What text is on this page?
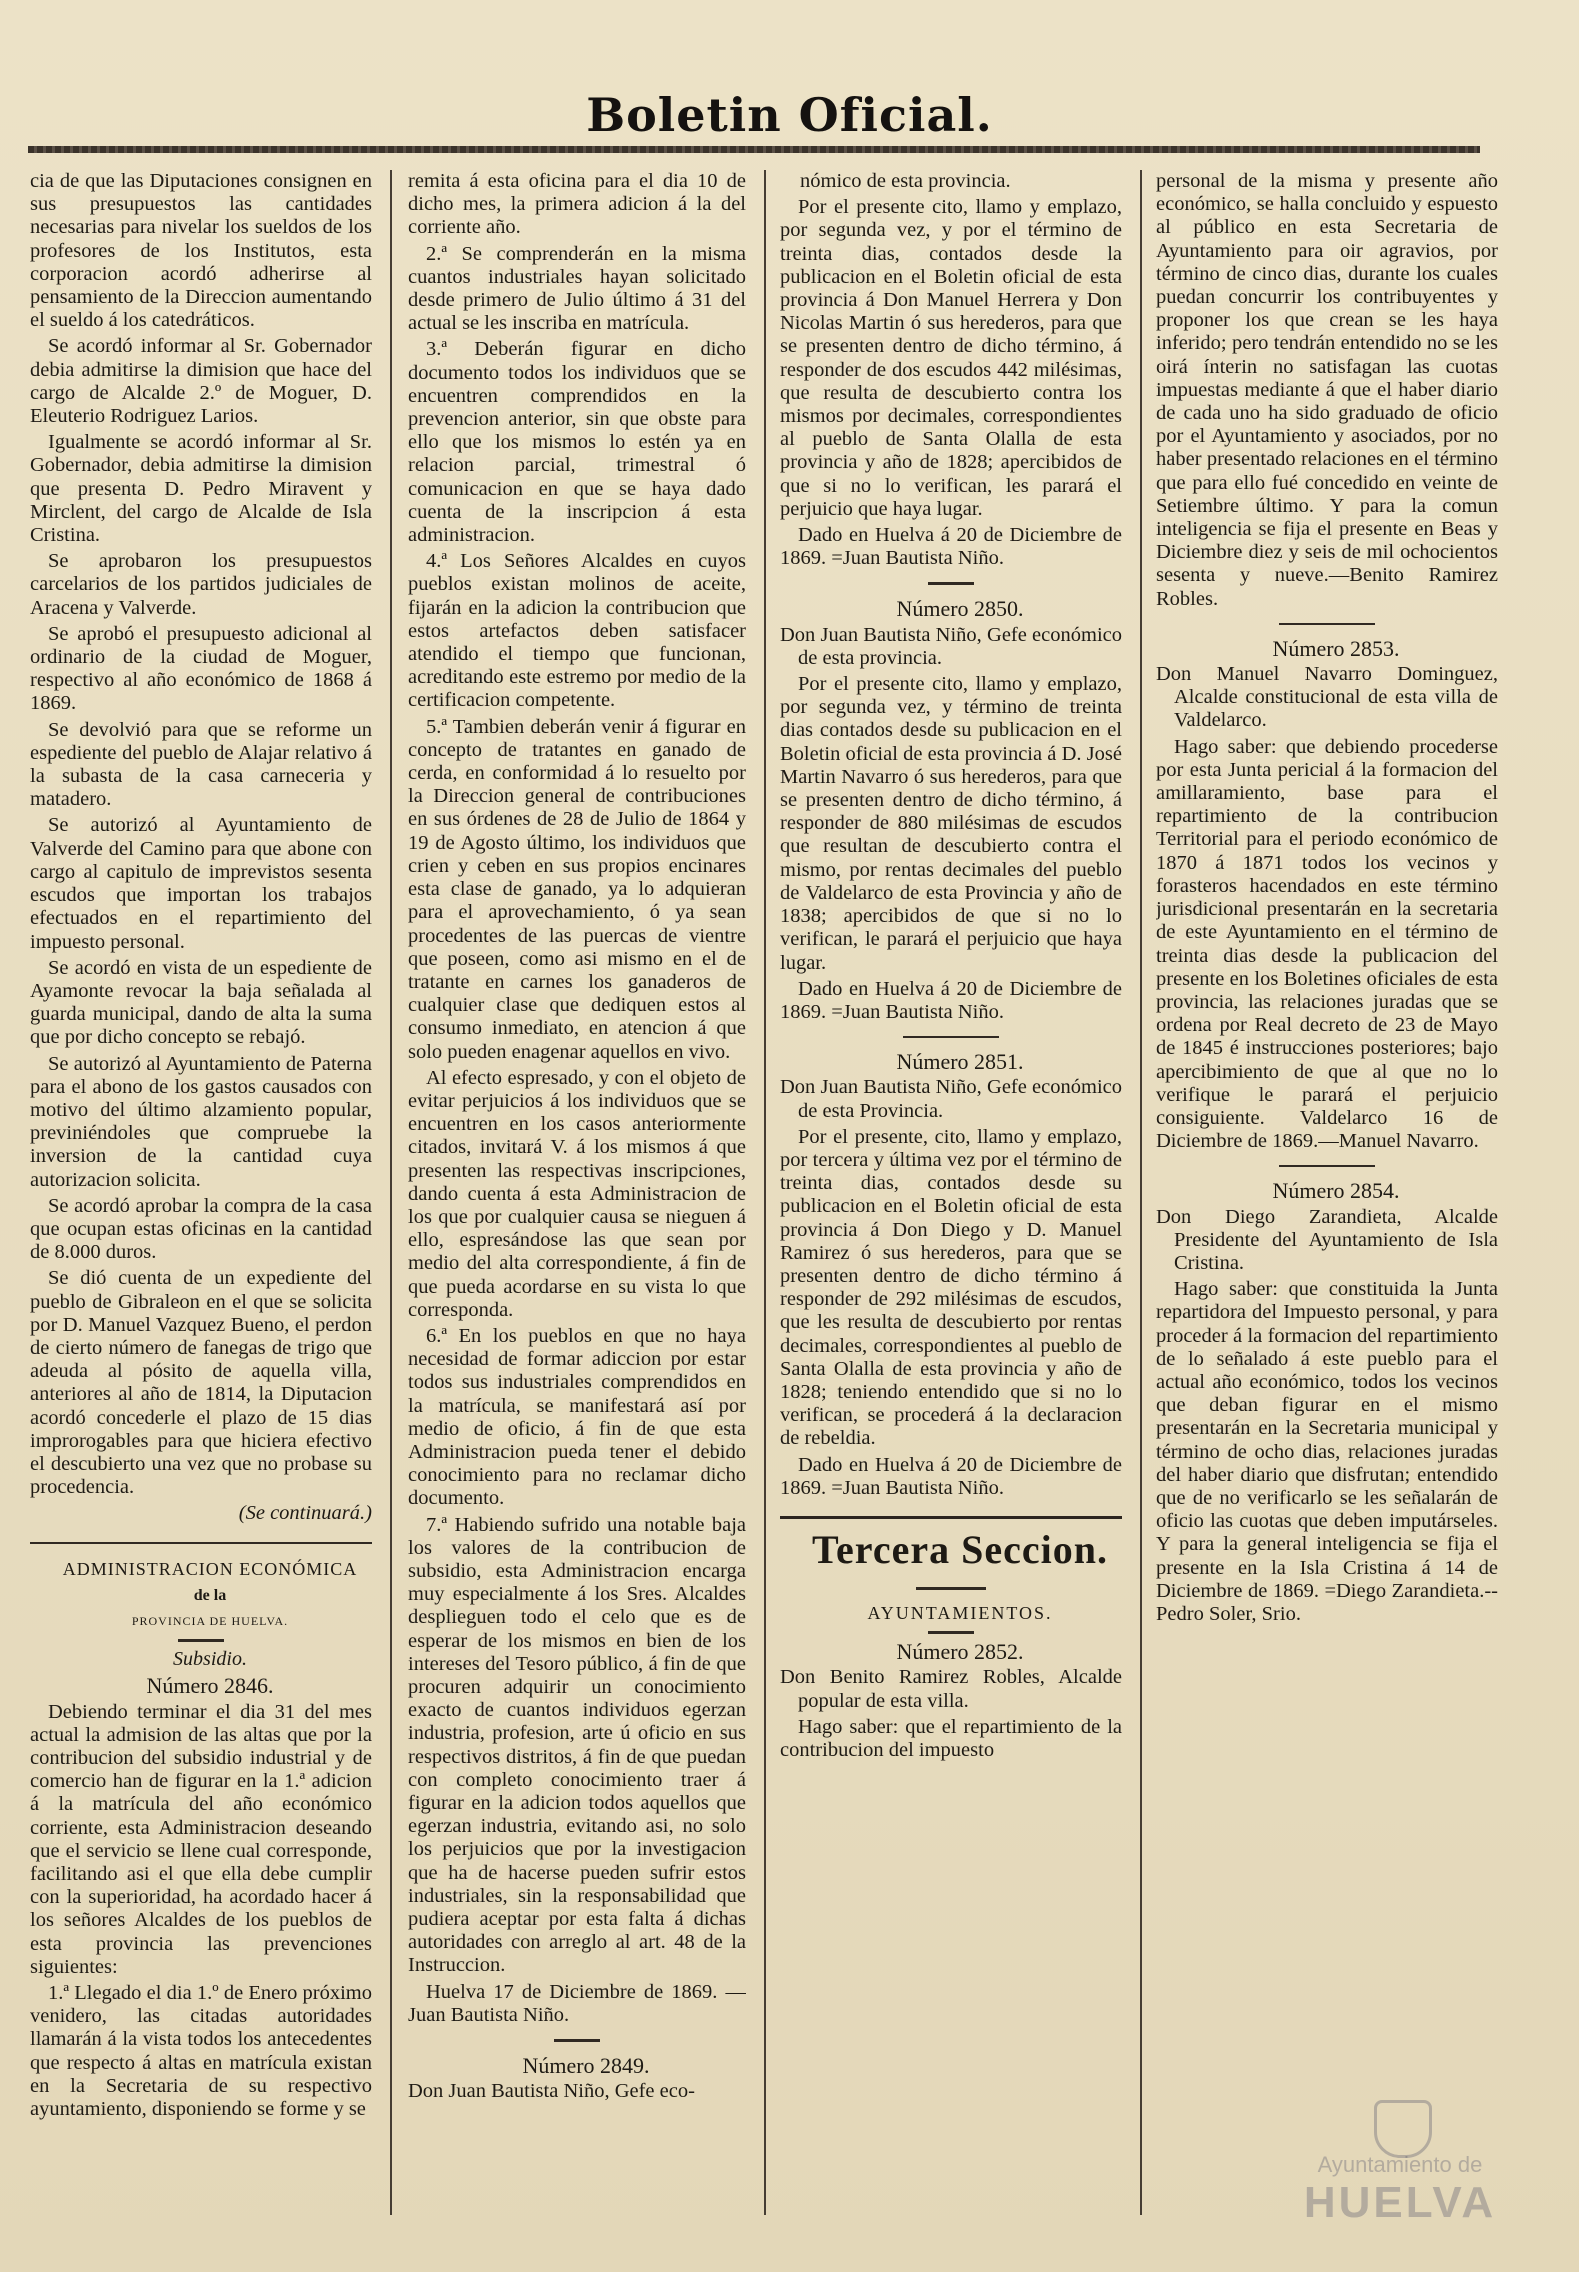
Boletin Oficial.

cia de que las Diputaciones consignen en sus presupuestos las cantidades necesarias para nivelar los sueldos de los profesores de los Institutos, esta corporacion acordó adherirse al pensamiento de la Direccion aumentando el sueldo á los catedráticos.

Se acordó informar al Sr. Gobernador debia admitirse la dimision que hace del cargo de Alcalde 2.º de Moguer, D. Eleuterio Rodriguez Larios.

Igualmente se acordó informar al Sr. Gobernador, debia admitirse la dimision que presenta D. Pedro Miravent y Mirclent, del cargo de Alcalde de Isla Cristina.

Se aprobaron los presupuestos carcelarios de los partidos judiciales de Aracena y Valverde.

Se aprobó el presupuesto adicional al ordinario de la ciudad de Moguer, respectivo al año económico de 1868 á 1869.

Se devolvió para que se reforme un espediente del pueblo de Alajar relativo á la subasta de la casa carneceria y matadero.

Se autorizó al Ayuntamiento de Valverde del Camino para que abone con cargo al capitulo de imprevistos sesenta escudos que importan los trabajos efectuados en el repartimiento del impuesto personal.

Se acordó en vista de un espediente de Ayamonte revocar la baja señalada al guarda municipal, dando de alta la suma que por dicho concepto se rebajó.

Se autorizó al Ayuntamiento de Paterna para el abono de los gastos causados con motivo del último alzamiento popular, previniéndoles que compruebe la inversion de la cantidad cuya autorizacion solicita.

Se acordó aprobar la compra de la casa que ocupan estas oficinas en la cantidad de 8.000 duros.

Se dió cuenta de un expediente del pueblo de Gibraleon en el que se solicita por D. Manuel Vazquez Bueno, el perdon de cierto número de fanegas de trigo que adeuda al pósito de aquella villa, anteriores al año de 1814, la Diputacion acordó concederle el plazo de 15 dias improrogables para que hiciera efectivo el descubierto una vez que no probase su procedencia.

(Se continuará.)

ADMINISTRACION ECONÓMICA

de la

PROVINCIA DE HUELVA.

Subsidio.

Número 2846.

Debiendo terminar el dia 31 del mes actual la admision de las altas que por la contribucion del subsidio industrial y de comercio han de figurar en la 1.ª adicion á la matrícula del año económico corriente, esta Administracion deseando que el servicio se llene cual corresponde, facilitando asi el que ella debe cumplir con la superioridad, ha acordado hacer á los señores Alcaldes de los pueblos de esta provincia las prevenciones siguientes:

1.ª Llegado el dia 1.º de Enero próximo venidero, las citadas autoridades llamarán á la vista todos los antecedentes que respecto á altas en matrícula existan en la Secretaria de su respectivo ayuntamiento, disponiendo se forme y se

remita á esta oficina para el dia 10 de dicho mes, la primera adicion á la del corriente año.

2.ª Se comprenderán en la misma cuantos industriales hayan solicitado desde primero de Julio último á 31 del actual se les inscriba en matrícula.

3.ª Deberán figurar en dicho documento todos los individuos que se encuentren comprendidos en la prevencion anterior, sin que obste para ello que los mismos lo estén ya en relacion parcial, trimestral ó comunicacion en que se haya dado cuenta de la inscripcion á esta administracion.

4.ª Los Señores Alcaldes en cuyos pueblos existan molinos de aceite, fijarán en la adicion la contribucion que estos artefactos deben satisfacer atendido el tiempo que funcionan, acreditando este estremo por medio de la certificacion competente.

5.ª Tambien deberán venir á figurar en concepto de tratantes en ganado de cerda, en conformidad á lo resuelto por la Direccion general de contribuciones en sus órdenes de 28 de Julio de 1864 y 19 de Agosto último, los individuos que crien y ceben en sus propios encinares esta clase de ganado, ya lo adquieran para el aprovechamiento, ó ya sean procedentes de las puercas de vientre que poseen, como asi mismo en el de tratante en carnes los ganaderos de cualquier clase que dediquen estos al consumo inmediato, en atencion á que solo pueden enagenar aquellos en vivo.

Al efecto espresado, y con el objeto de evitar perjuicios á los individuos que se encuentren en los casos anteriormente citados, invitará V. á los mismos á que presenten las respectivas inscripciones, dando cuenta á esta Administracion de los que por cualquier causa se nieguen á ello, espresándose las que sean por medio del alta correspondiente, á fin de que pueda acordarse en su vista lo que corresponda.

6.ª En los pueblos en que no haya necesidad de formar adiccion por estar todos sus industriales comprendidos en la matrícula, se manifestará así por medio de oficio, á fin de que esta Administracion pueda tener el debido conocimiento para no reclamar dicho documento.

7.ª Habiendo sufrido una notable baja los valores de la contribucion de subsidio, esta Administracion encarga muy especialmente á los Sres. Alcaldes desplieguen todo el celo que es de esperar de los mismos en bien de los intereses del Tesoro público, á fin de que procuren adquirir un conocimiento exacto de cuantos individuos egerzan industria, profesion, arte ú oficio en sus respectivos distritos, á fin de que puedan con completo conocimiento traer á figurar en la adicion todos aquellos que egerzan industria, evitando asi, no solo los perjuicios que por la investigacion que ha de hacerse pueden sufrir estos industriales, sin la responsabilidad que pudiera aceptar por esta falta á dichas autoridades con arreglo al art. 48 de la Instruccion.

Huelva 17 de Diciembre de 1869. —Juan Bautista Niño.

Número 2849.

Don Juan Bautista Niño, Gefe eco-

nómico de esta provincia.

Por el presente cito, llamo y emplazo, por segunda vez, y por el término de treinta dias, contados desde la publicacion en el Boletin oficial de esta provincia á Don Manuel Herrera y Don Nicolas Martin ó sus herederos, para que se presenten dentro de dicho término, á responder de dos escudos 442 milésimas, que resulta de descubierto contra los mismos por decimales, correspondientes al pueblo de Santa Olalla de esta provincia y año de 1828; apercibidos de que si no lo verifican, les parará el perjuicio que haya lugar.

Dado en Huelva á 20 de Diciembre de 1869. =Juan Bautista Niño.

Número 2850.

Don Juan Bautista Niño, Gefe económico de esta provincia.

Por el presente cito, llamo y emplazo, por segunda vez, y término de treinta dias contados desde su publicacion en el Boletin oficial de esta provincia á D. José Martin Navarro ó sus herederos, para que se presenten dentro de dicho término, á responder de 880 milésimas de escudos que resultan de descubierto contra el mismo, por rentas decimales del pueblo de Valdelarco de esta Provincia y año de 1838; apercibidos de que si no lo verifican, le parará el perjuicio que haya lugar.

Dado en Huelva á 20 de Diciembre de 1869. =Juan Bautista Niño.

Número 2851.

Don Juan Bautista Niño, Gefe económico de esta Provincia.

Por el presente, cito, llamo y emplazo, por tercera y última vez por el término de treinta dias, contados desde su publicacion en el Boletin oficial de esta provincia á Don Diego y D. Manuel Ramirez ó sus herederos, para que se presenten dentro de dicho término á responder de 292 milésimas de escudos, que les resulta de descubierto por rentas decimales, correspondientes al pueblo de Santa Olalla de esta provincia y año de 1828; teniendo entendido que si no lo verifican, se procederá á la declaracion de rebeldia.

Dado en Huelva á 20 de Diciembre de 1869. =Juan Bautista Niño.

Tercera Seccion.

AYUNTAMIENTOS.

Número 2852.

Don Benito Ramirez Robles, Alcalde popular de esta villa.

Hago saber: que el repartimiento de la contribucion del impuesto

personal de la misma y presente año económico, se halla concluido y espuesto al público en esta Secretaria de Ayuntamiento para oir agravios, por término de cinco dias, durante los cuales puedan concurrir los contribuyentes y proponer los que crean se les haya inferido; pero tendrán entendido no se les oirá ínterin no satisfagan las cuotas impuestas mediante á que el haber diario de cada uno ha sido graduado de oficio por el Ayuntamiento y asociados, por no haber presentado relaciones en el término que para ello fué concedido en veinte de Setiembre último. Y para la comun inteligencia se fija el presente en Beas y Diciembre diez y seis de mil ochocientos sesenta y nueve.—Benito Ramirez Robles.

Número 2853.

Don Manuel Navarro Dominguez, Alcalde constitucional de esta villa de Valdelarco.

Hago saber: que debiendo procederse por esta Junta pericial á la formacion del amillaramiento, base para el repartimiento de la contribucion Territorial para el periodo económico de 1870 á 1871 todos los vecinos y forasteros hacendados en este término jurisdicional presentarán en la secretaria de este Ayuntamiento en el término de treinta dias desde la publicacion del presente en los Boletines oficiales de esta provincia, las relaciones juradas que se ordena por Real decreto de 23 de Mayo de 1845 é instrucciones posteriores; bajo apercibimiento de que al que no lo verifique le parará el perjuicio consiguiente. Valdelarco 16 de Diciembre de 1869.—Manuel Navarro.

Número 2854.

Don Diego Zarandieta, Alcalde Presidente del Ayuntamiento de Isla Cristina.

Hago saber: que constituida la Junta repartidora del Impuesto personal, y para proceder á la formacion del repartimiento de lo señalado á este pueblo para el actual año económico, todos los vecinos que deban figurar en el mismo presentarán en la Secretaria municipal y término de ocho dias, relaciones juradas del haber diario que disfrutan; entendido que de no verificarlo se les señalarán de oficio las cuotas que deben imputárseles. Y para la general inteligencia se fija el presente en la Isla Cristina á 14 de Diciembre de 1869. =Diego Zarandieta.--Pedro Soler, Srio.

Ayuntamiento de
HUELVA
